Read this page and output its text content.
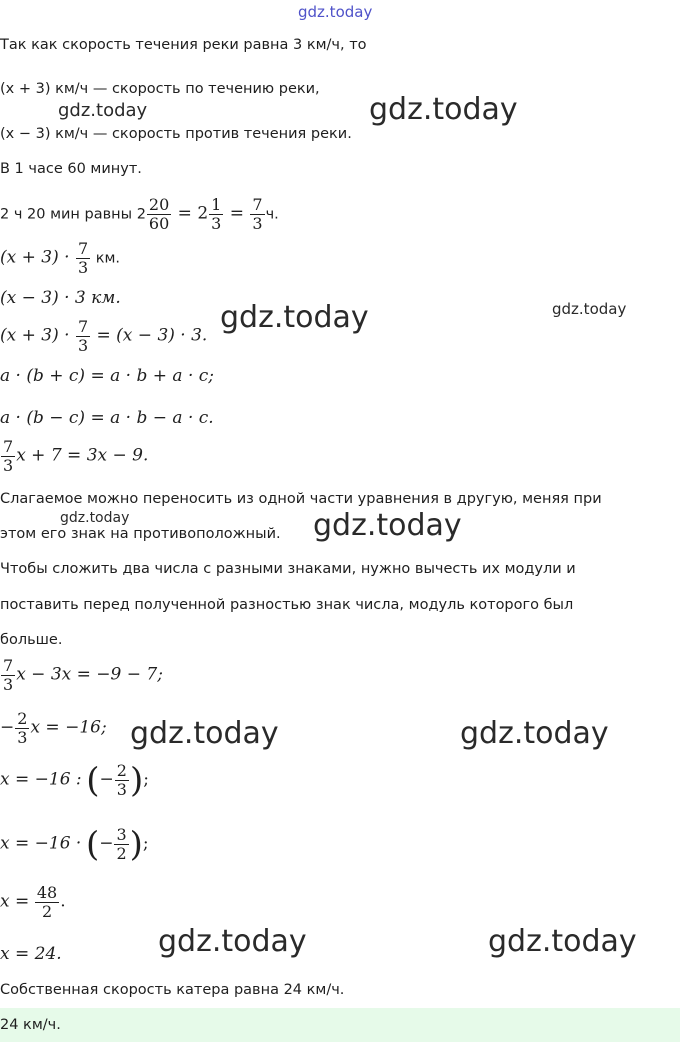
gdz.today
Так как скорость течения реки равна 3 км/ч, то
(x + 3) км/ч — скорость по течению реки,
(x − 3) км/ч — скорость против течения реки.
В 1 часе 60 минут.
2 ч 20 мин равны $2 \frac{20}{60} = 2 \frac{1}{3} = \frac{7}{3} ч$.
$(x + 3) \cdot \frac{7}{3}$ км.
(x − 3) · 3 км.
$(x + 3) \cdot \frac{7}{3} = (x - 3) \cdot 3$.
a · (b + c) = a · b + a · c;
a · (b − c) = a · b − a · c.
$\frac{7}{3}$ x + 7 = 3x − 9.
Слагаемое можно переносить из одной части уравнения в другую, меняя при
этом его знак на противоположный.
Чтобы сложить два числа с разными знаками, нужно вычесть их модули и
поставить перед полученной разностью знак числа, модуль которого был
больше.
$\frac{7}{3}$ x − 3x = −9 − 7;
− $\frac{2}{3}$ x = −16;
x = −16 : (− $\frac{2}{3}$ );
x = −16 · (− $\frac{3}{2}$ );
$x = \frac{48}{2}$ .
x = 24.
Собственная скорость катера равна 24 км/ч.
24 км/ч.
gdz.today	gdz.today
gdz.today	gdz.today
gdz.today	gdz.today
gdz.today	gdz.today
gdz.today	gdz.today
